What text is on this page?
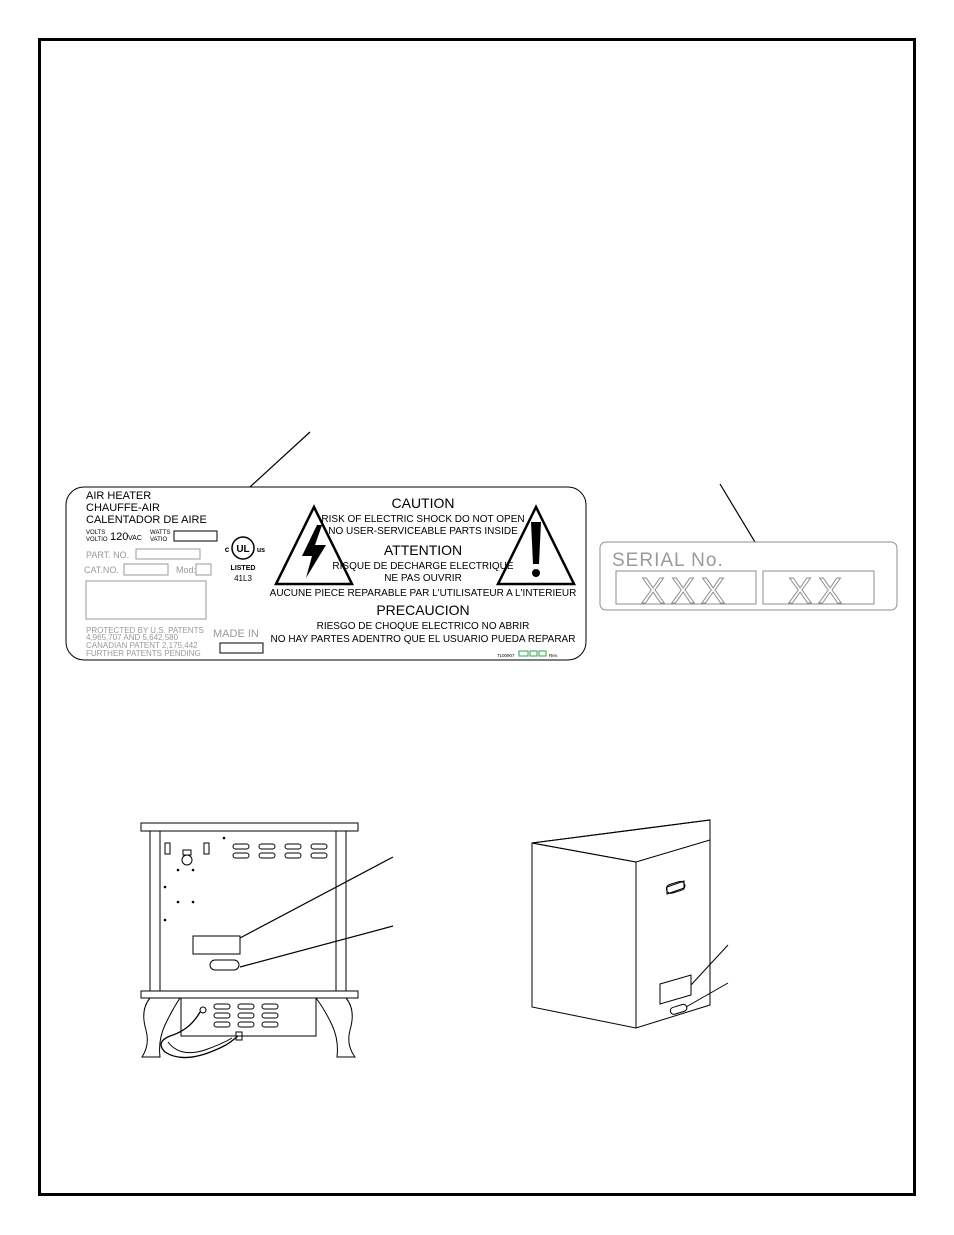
AIR HEATER
CHAUFFE-AIR
CALENTADOR DE AIRE
VOLTS
VOLTIO 120 VAC
WATTS
VATIO
PART. NO.
CAT.NO.	Mod:
PROTECTED BY U.S. PATENTS
4,965,707 AND 5,642,580
CANADIAN PATENT 2,175,442
FURTHER PATENTS PENDING
MADE IN
UL
c	us
LISTED
41L3
CAUTION
RISK OF ELECTRIC SHOCK DO NOT OPEN
NO USER-SERVICEABLE PARTS INSIDE
ATTENTION
RISQUE DE DECHARGE ELECTRIQUE
NE PAS OUVRIR
AUCUNE PIECE REPARABLE PAR L'UTILISATEUR A L'INTERIEUR
PRECAUCION
RIESGO DE CHOQUE ELECTRICO NO ABRIR
NO HAY PARTES ADENTRO QUE EL USUARIO PUEDA REPARAR
7100907	Rev.
SERIAL No.
XXX XX
